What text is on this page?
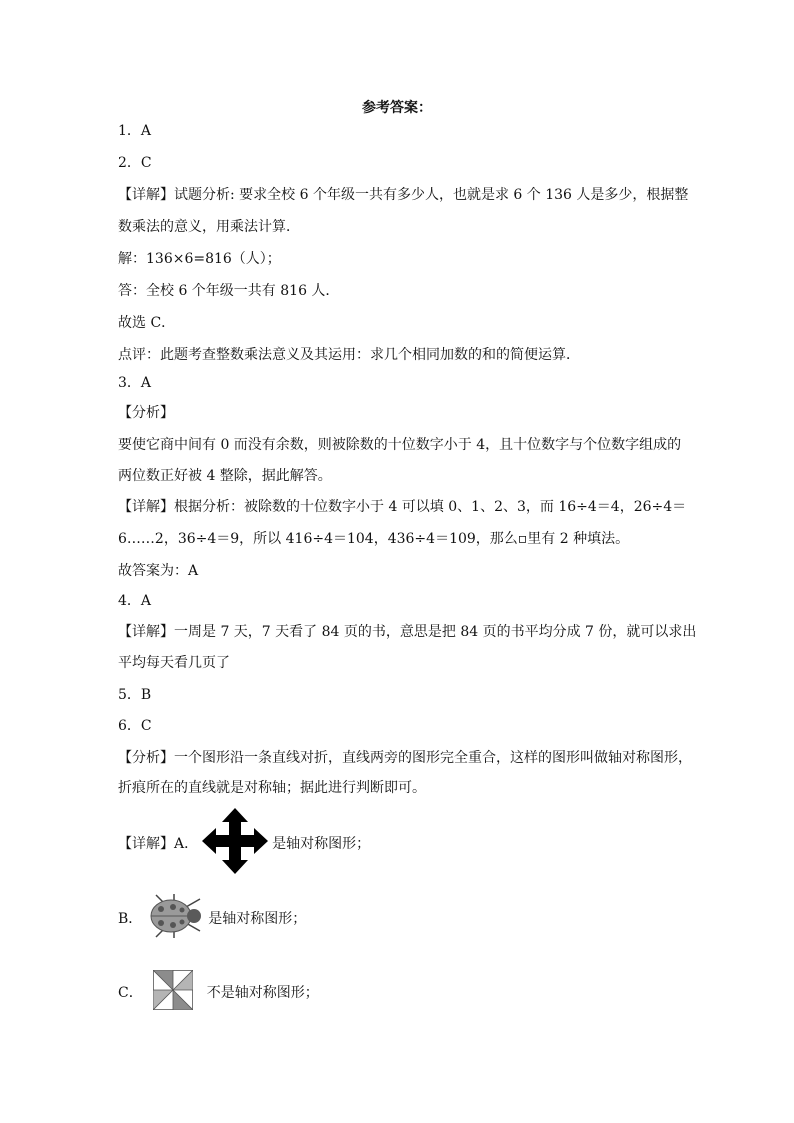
参考答案：
1．A
2．C
【详解】试题分析: 要求全校 6 个年级一共有多少人，也就是求 6 个 136 人是多少，根据整
数乘法的意义，用乘法计算．
解：136×6=816（人）；
答：全校 6 个年级一共有 816 人．
故选 C．
点评：此题考查整数乘法意义及其运用：求几个相同加数的和的简便运算．
3．A
【分析】
要使它商中间有 0 而没有余数，则被除数的十位数字小于 4，且十位数字与个位数字组成的
两位数正好被 4 整除，据此解答。
【详解】根据分析：被除数的十位数字小于 4 可以填 0、1、2、3，而 16÷4＝4，26÷4＝
6……2，36÷4＝9，所以 416÷4＝104，436÷4＝109，那么▫里有 2 种填法。
故答案为：A
4．A
【详解】一周是 7 天，7 天看了 84 页的书，意思是把 84 页的书平均分成 7 份，就可以求出
平均每天看几页了
5．B
6．C
【分析】一个图形沿一条直线对折，直线两旁的图形完全重合，这样的图形叫做轴对称图形，
折痕所在的直线就是对称轴；据此进行判断即可。
【详解】A．	是轴对称图形；
B．	是轴对称图形；
C．	不是轴对称图形；
